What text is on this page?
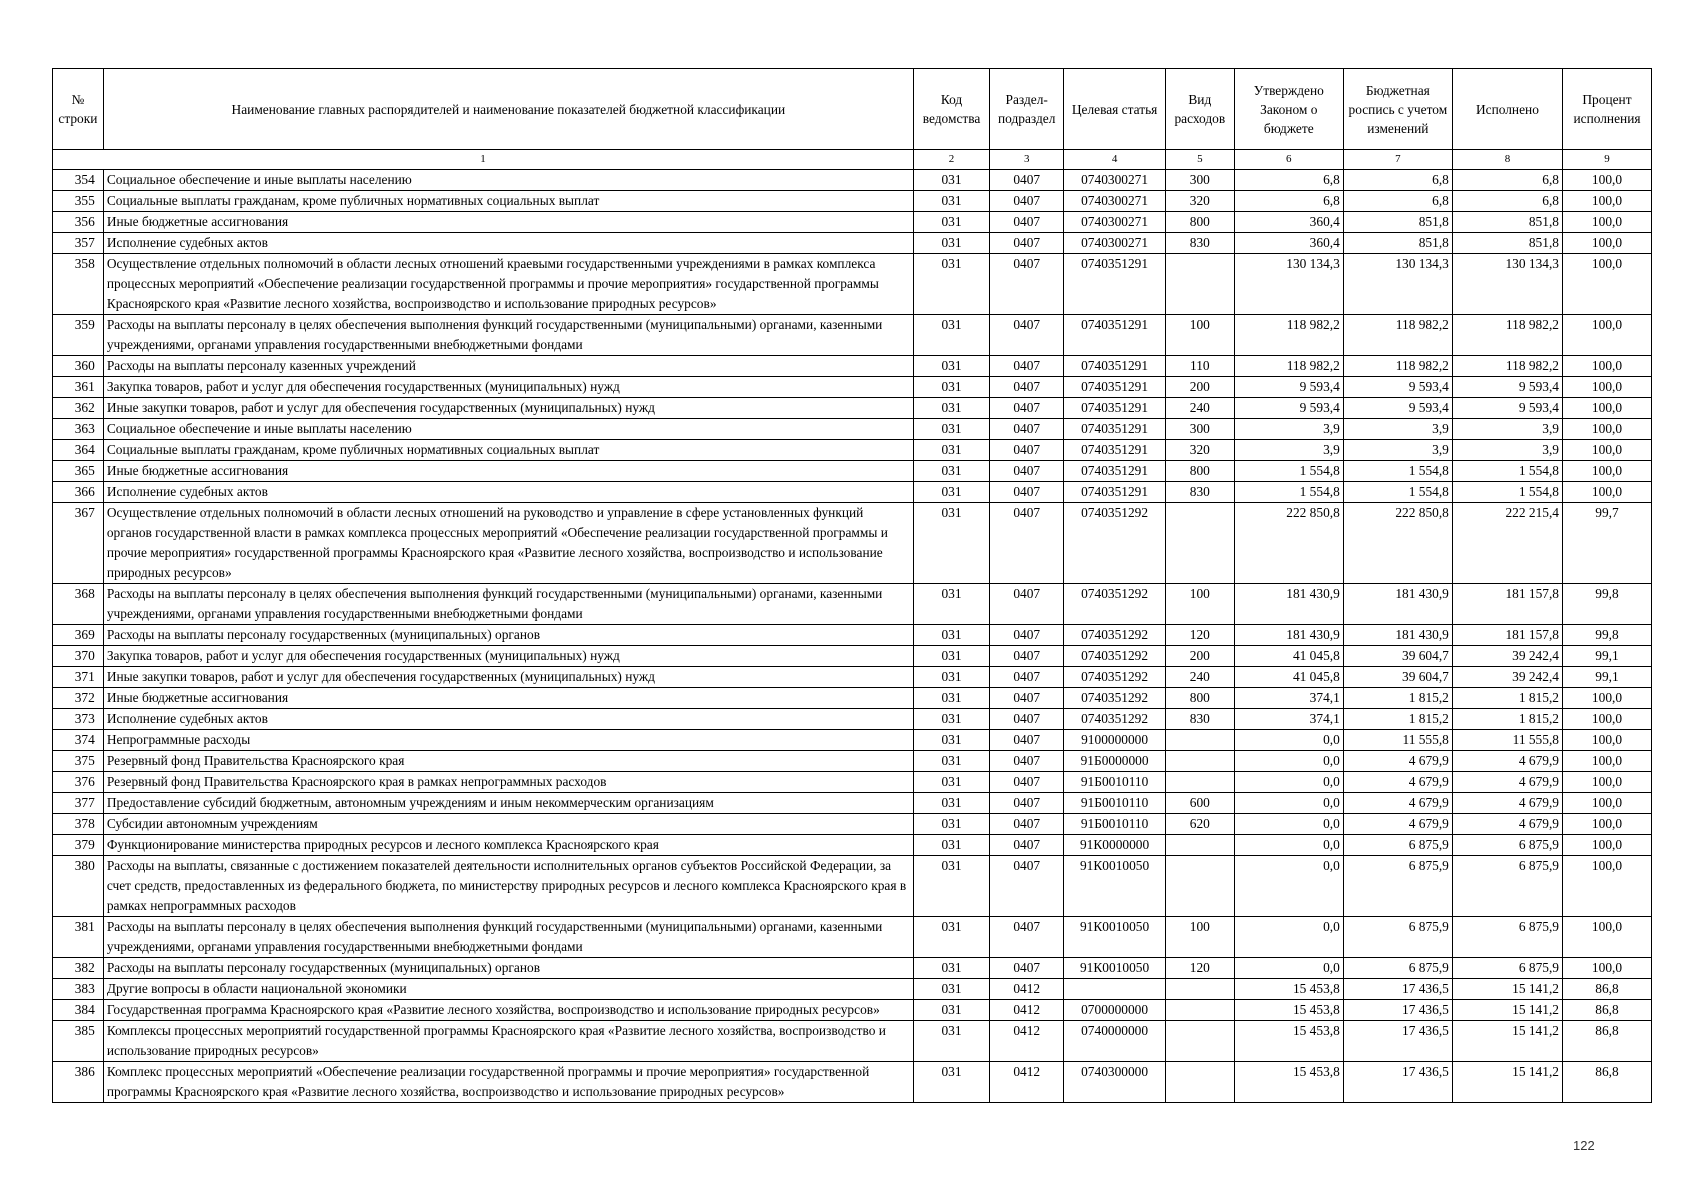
№ строки	Наименование главных распорядителей и наименование показателей бюджетной классификации	Код ведомства	Раздел-подраздел	Целевая статья	Вид расходов	Утверждено Законом о бюджете	Бюджетная роспись с учетом изменений	Исполнено	Процент исполнения
1		2	3	4	5	6	7	8	9
354	Социальное обеспечение и иные выплаты населению	031	0407	0740300271	300	6,8	6,8	6,8	100,0
355	Социальные выплаты гражданам, кроме публичных нормативных социальных выплат	031	0407	0740300271	320	6,8	6,8	6,8	100,0
356	Иные бюджетные ассигнования	031	0407	0740300271	800	360,4	851,8	851,8	100,0
357	Исполнение судебных актов	031	0407	0740300271	830	360,4	851,8	851,8	100,0
358	Осуществление отдельных полномочий в области лесных отношений краевыми государственными учреждениями в рамках комплекса процессных мероприятий «Обеспечение реализации государственной программы и прочие мероприятия» государственной программы Красноярского края «Развитие лесного хозяйства, воспроизводство и использование природных ресурсов»	031	0407	0740351291		130 134,3	130 134,3	130 134,3	100,0
359	Расходы на выплаты персоналу в целях обеспечения выполнения функций государственными (муниципальными) органами, казенными учреждениями, органами управления государственными внебюджетными фондами	031	0407	0740351291	100	118 982,2	118 982,2	118 982,2	100,0
360	Расходы на выплаты персоналу казенных учреждений	031	0407	0740351291	110	118 982,2	118 982,2	118 982,2	100,0
361	Закупка товаров, работ и услуг для обеспечения государственных (муниципальных) нужд	031	0407	0740351291	200	9 593,4	9 593,4	9 593,4	100,0
362	Иные закупки товаров, работ и услуг для обеспечения государственных (муниципальных) нужд	031	0407	0740351291	240	9 593,4	9 593,4	9 593,4	100,0
363	Социальное обеспечение и иные выплаты населению	031	0407	0740351291	300	3,9	3,9	3,9	100,0
364	Социальные выплаты гражданам, кроме публичных нормативных социальных выплат	031	0407	0740351291	320	3,9	3,9	3,9	100,0
365	Иные бюджетные ассигнования	031	0407	0740351291	800	1 554,8	1 554,8	1 554,8	100,0
366	Исполнение судебных актов	031	0407	0740351291	830	1 554,8	1 554,8	1 554,8	100,0
367	Осуществление отдельных полномочий в области лесных отношений на руководство и управление в сфере установленных функций органов государственной власти в рамках комплекса процессных мероприятий «Обеспечение реализации государственной программы и прочие мероприятия» государственной программы Красноярского края «Развитие лесного хозяйства, воспроизводство и использование природных ресурсов»	031	0407	0740351292		222 850,8	222 850,8	222 215,4	99,7
368	Расходы на выплаты персоналу в целях обеспечения выполнения функций государственными (муниципальными) органами, казенными учреждениями, органами управления государственными внебюджетными фондами	031	0407	0740351292	100	181 430,9	181 430,9	181 157,8	99,8
369	Расходы на выплаты персоналу государственных (муниципальных) органов	031	0407	0740351292	120	181 430,9	181 430,9	181 157,8	99,8
370	Закупка товаров, работ и услуг для обеспечения государственных (муниципальных) нужд	031	0407	0740351292	200	41 045,8	39 604,7	39 242,4	99,1
371	Иные закупки товаров, работ и услуг для обеспечения государственных (муниципальных) нужд	031	0407	0740351292	240	41 045,8	39 604,7	39 242,4	99,1
372	Иные бюджетные ассигнования	031	0407	0740351292	800	374,1	1 815,2	1 815,2	100,0
373	Исполнение судебных актов	031	0407	0740351292	830	374,1	1 815,2	1 815,2	100,0
374	Непрограммные расходы	031	0407	9100000000		0,0	11 555,8	11 555,8	100,0
375	Резервный фонд Правительства Красноярского края	031	0407	91Б0000000		0,0	4 679,9	4 679,9	100,0
376	Резервный фонд Правительства Красноярского края в рамках непрограммных расходов	031	0407	91Б0010110		0,0	4 679,9	4 679,9	100,0
377	Предоставление субсидий бюджетным, автономным учреждениям и иным некоммерческим организациям	031	0407	91Б0010110	600	0,0	4 679,9	4 679,9	100,0
378	Субсидии автономным учреждениям	031	0407	91Б0010110	620	0,0	4 679,9	4 679,9	100,0
379	Функционирование министерства природных ресурсов и лесного комплекса Красноярского края	031	0407	91К0000000		0,0	6 875,9	6 875,9	100,0
380	Расходы на выплаты, связанные с достижением показателей деятельности исполнительных органов субъектов Российской Федерации, за счет средств, предоставленных из федерального бюджета, по министерству природных ресурсов и лесного комплекса Красноярского края в рамках непрограммных расходов	031	0407	91К0010050		0,0	6 875,9	6 875,9	100,0
381	Расходы на выплаты персоналу в целях обеспечения выполнения функций государственными (муниципальными) органами, казенными учреждениями, органами управления государственными внебюджетными фондами	031	0407	91К0010050	100	0,0	6 875,9	6 875,9	100,0
382	Расходы на выплаты персоналу государственных (муниципальных) органов	031	0407	91К0010050	120	0,0	6 875,9	6 875,9	100,0
383	Другие вопросы в области национальной экономики	031	0412			15 453,8	17 436,5	15 141,2	86,8
384	Государственная программа Красноярского края «Развитие лесного хозяйства, воспроизводство и использование природных ресурсов»	031	0412	0700000000		15 453,8	17 436,5	15 141,2	86,8
385	Комплексы процессных мероприятий государственной программы Красноярского края «Развитие лесного хозяйства, воспроизводство и использование природных ресурсов»	031	0412	0740000000		15 453,8	17 436,5	15 141,2	86,8
386	Комплекс процессных мероприятий «Обеспечение реализации государственной программы и прочие мероприятия» государственной программы Красноярского края «Развитие лесного хозяйства, воспроизводство и использование природных ресурсов»	031	0412	0740300000		15 453,8	17 436,5	15 141,2	86,8
122
